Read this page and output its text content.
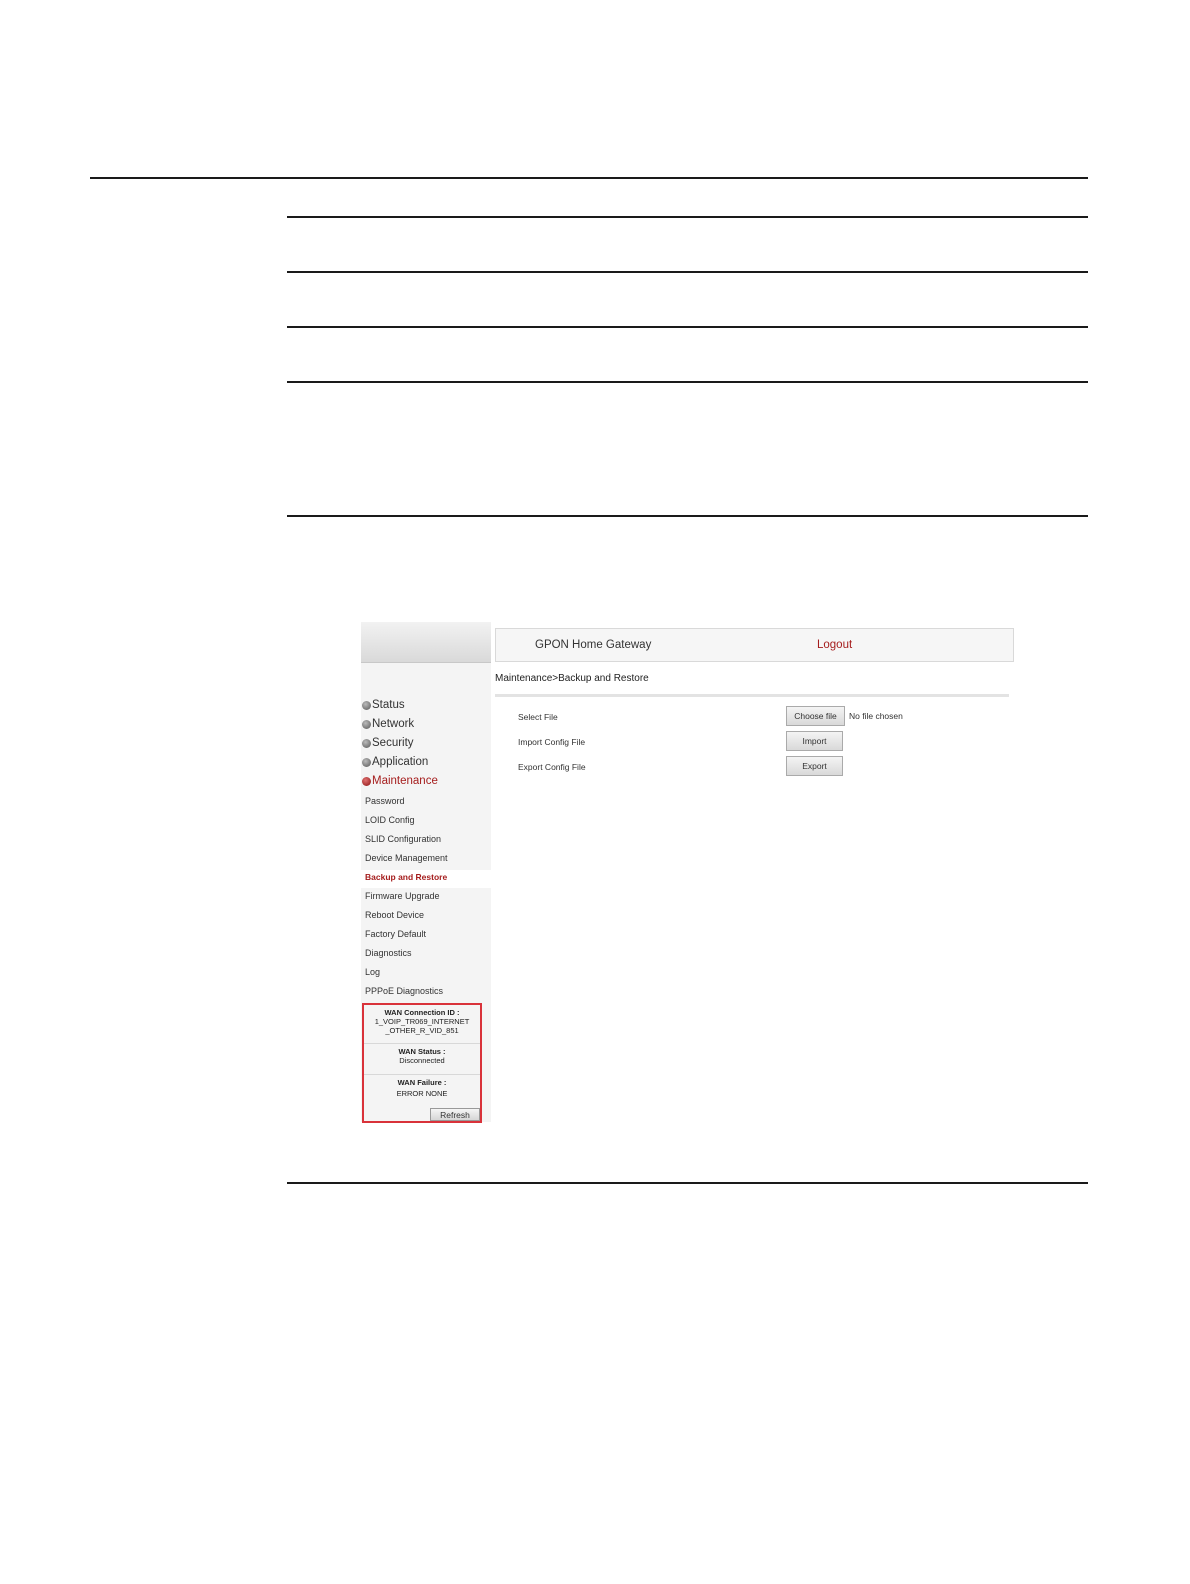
Status
Network
Security
Application
Maintenance
Password
LOID Config
SLID Configuration
Device Management
Backup and Restore
Firmware Upgrade
Reboot Device
Factory Default
Diagnostics
Log
PPPoE Diagnostics
WAN Connection ID :
1_VOIP_TR069_INTERNET
_OTHER_R_VID_851
WAN Status :
Disconnected
WAN Failure :
ERROR NONE
Refresh
GPON Home Gateway	Logout
Maintenance>Backup and Restore
Select File	Choose file	No file chosen
Import Config File	Import
Export Config File	Export
